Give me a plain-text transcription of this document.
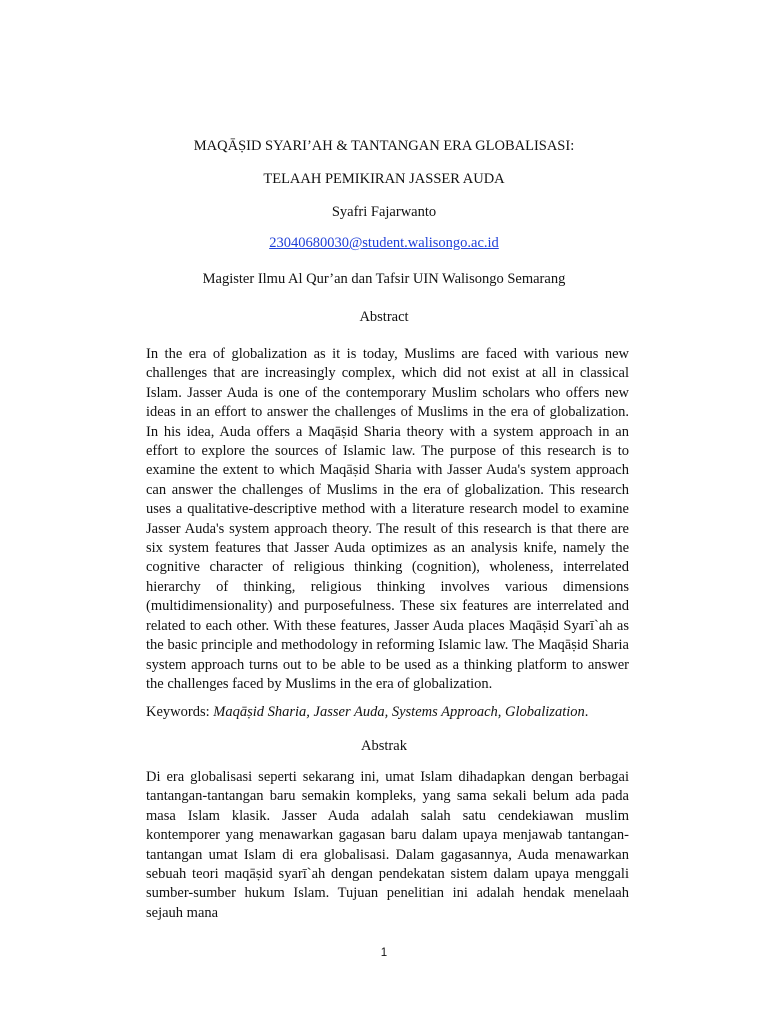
MAQĀṢID SYARI’AH & TANTANGAN ERA GLOBALISASI:
TELAAH PEMIKIRAN JASSER AUDA
Syafri Fajarwanto
23040680030@student.walisongo.ac.id
Magister Ilmu Al Qur’an dan Tafsir UIN Walisongo Semarang
Abstract
In the era of globalization as it is today, Muslims are faced with various new challenges that are increasingly complex, which did not exist at all in classical Islam. Jasser Auda is one of the contemporary Muslim scholars who offers new ideas in an effort to answer the challenges of Muslims in the era of globalization. In his idea, Auda offers a Maqāṣid Sharia theory with a system approach in an effort to explore the sources of Islamic law. The purpose of this research is to examine the extent to which Maqāṣid Sharia with Jasser Auda's system approach can answer the challenges of Muslims in the era of globalization. This research uses a qualitative-descriptive method with a literature research model to examine Jasser Auda's system approach theory. The result of this research is that there are six system features that Jasser Auda optimizes as an analysis knife, namely the cognitive character of religious thinking (cognition), wholeness, interrelated hierarchy of thinking, religious thinking involves various dimensions (multidimensionality) and purposefulness. These six features are interrelated and related to each other. With these features, Jasser Auda places Maqāṣid Syarī`ah as the basic principle and methodology in reforming Islamic law. The Maqāṣid Sharia system approach turns out to be able to be used as a thinking platform to answer the challenges faced by Muslims in the era of globalization.
Keywords: Maqāṣid Sharia, Jasser Auda, Systems Approach, Globalization.
Abstrak
Di era globalisasi seperti sekarang ini, umat Islam dihadapkan dengan berbagai tantangan-tantangan baru semakin kompleks, yang sama sekali belum ada pada masa Islam klasik. Jasser Auda adalah salah satu cendekiawan muslim kontemporer yang menawarkan gagasan baru dalam upaya menjawab tantangan-tantangan umat Islam di era globalisasi. Dalam gagasannya, Auda menawarkan sebuah teori maqāṣid syarī`ah dengan pendekatan sistem dalam upaya menggali sumber-sumber hukum Islam. Tujuan penelitian ini adalah hendak menelaah sejauh mana
1
